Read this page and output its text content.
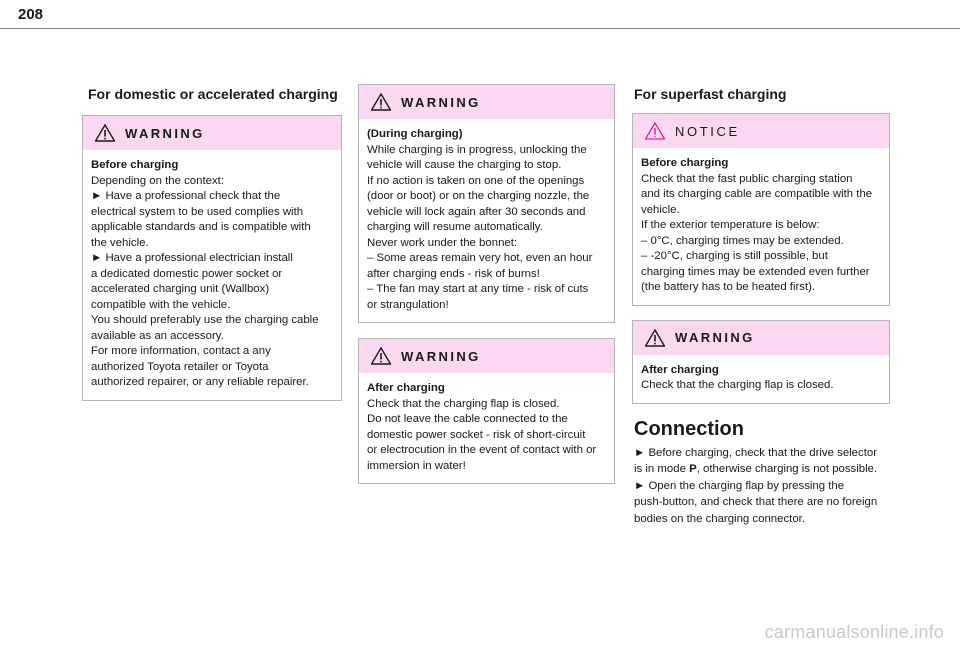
208
For domestic or accelerated charging
WARNING
Before charging
Depending on the context:
► Have a professional check that the
electrical system to be used complies with
applicable standards and is compatible with
the vehicle.
► Have a professional electrician install
a dedicated domestic power socket or
accelerated charging unit (Wallbox)
compatible with the vehicle.
You should preferably use the charging cable
available as an accessory.
For more information, contact a any
authorized Toyota retailer or Toyota
authorized repairer, or any reliable repairer.
WARNING
(During charging)
While charging is in progress, unlocking the
vehicle will cause the charging to stop.
If no action is taken on one of the openings
(door or boot) or on the charging nozzle, the
vehicle will lock again after 30 seconds and
charging will resume automatically.
Never work under the bonnet:
– Some areas remain very hot, even an hour
after charging ends - risk of burns!
– The fan may start at any time - risk of cuts
or strangulation!
WARNING
After charging
Check that the charging flap is closed.
Do not leave the cable connected to the
domestic power socket - risk of short-circuit
or electrocution in the event of contact with or
immersion in water!
For superfast charging
NOTICE
Before charging
Check that the fast public charging station
and its charging cable are compatible with the
vehicle.
If the exterior temperature is below:
– 0°C, charging times may be extended.
– -20°C, charging is still possible, but
charging times may be extended even further
(the battery has to be heated first).
WARNING
After charging
Check that the charging flap is closed.
Connection
► Before charging, check that the drive selector
is in mode P, otherwise charging is not possible.
► Open the charging flap by pressing the
push-button, and check that there are no foreign
bodies on the charging connector.
carmanualsonline.info
